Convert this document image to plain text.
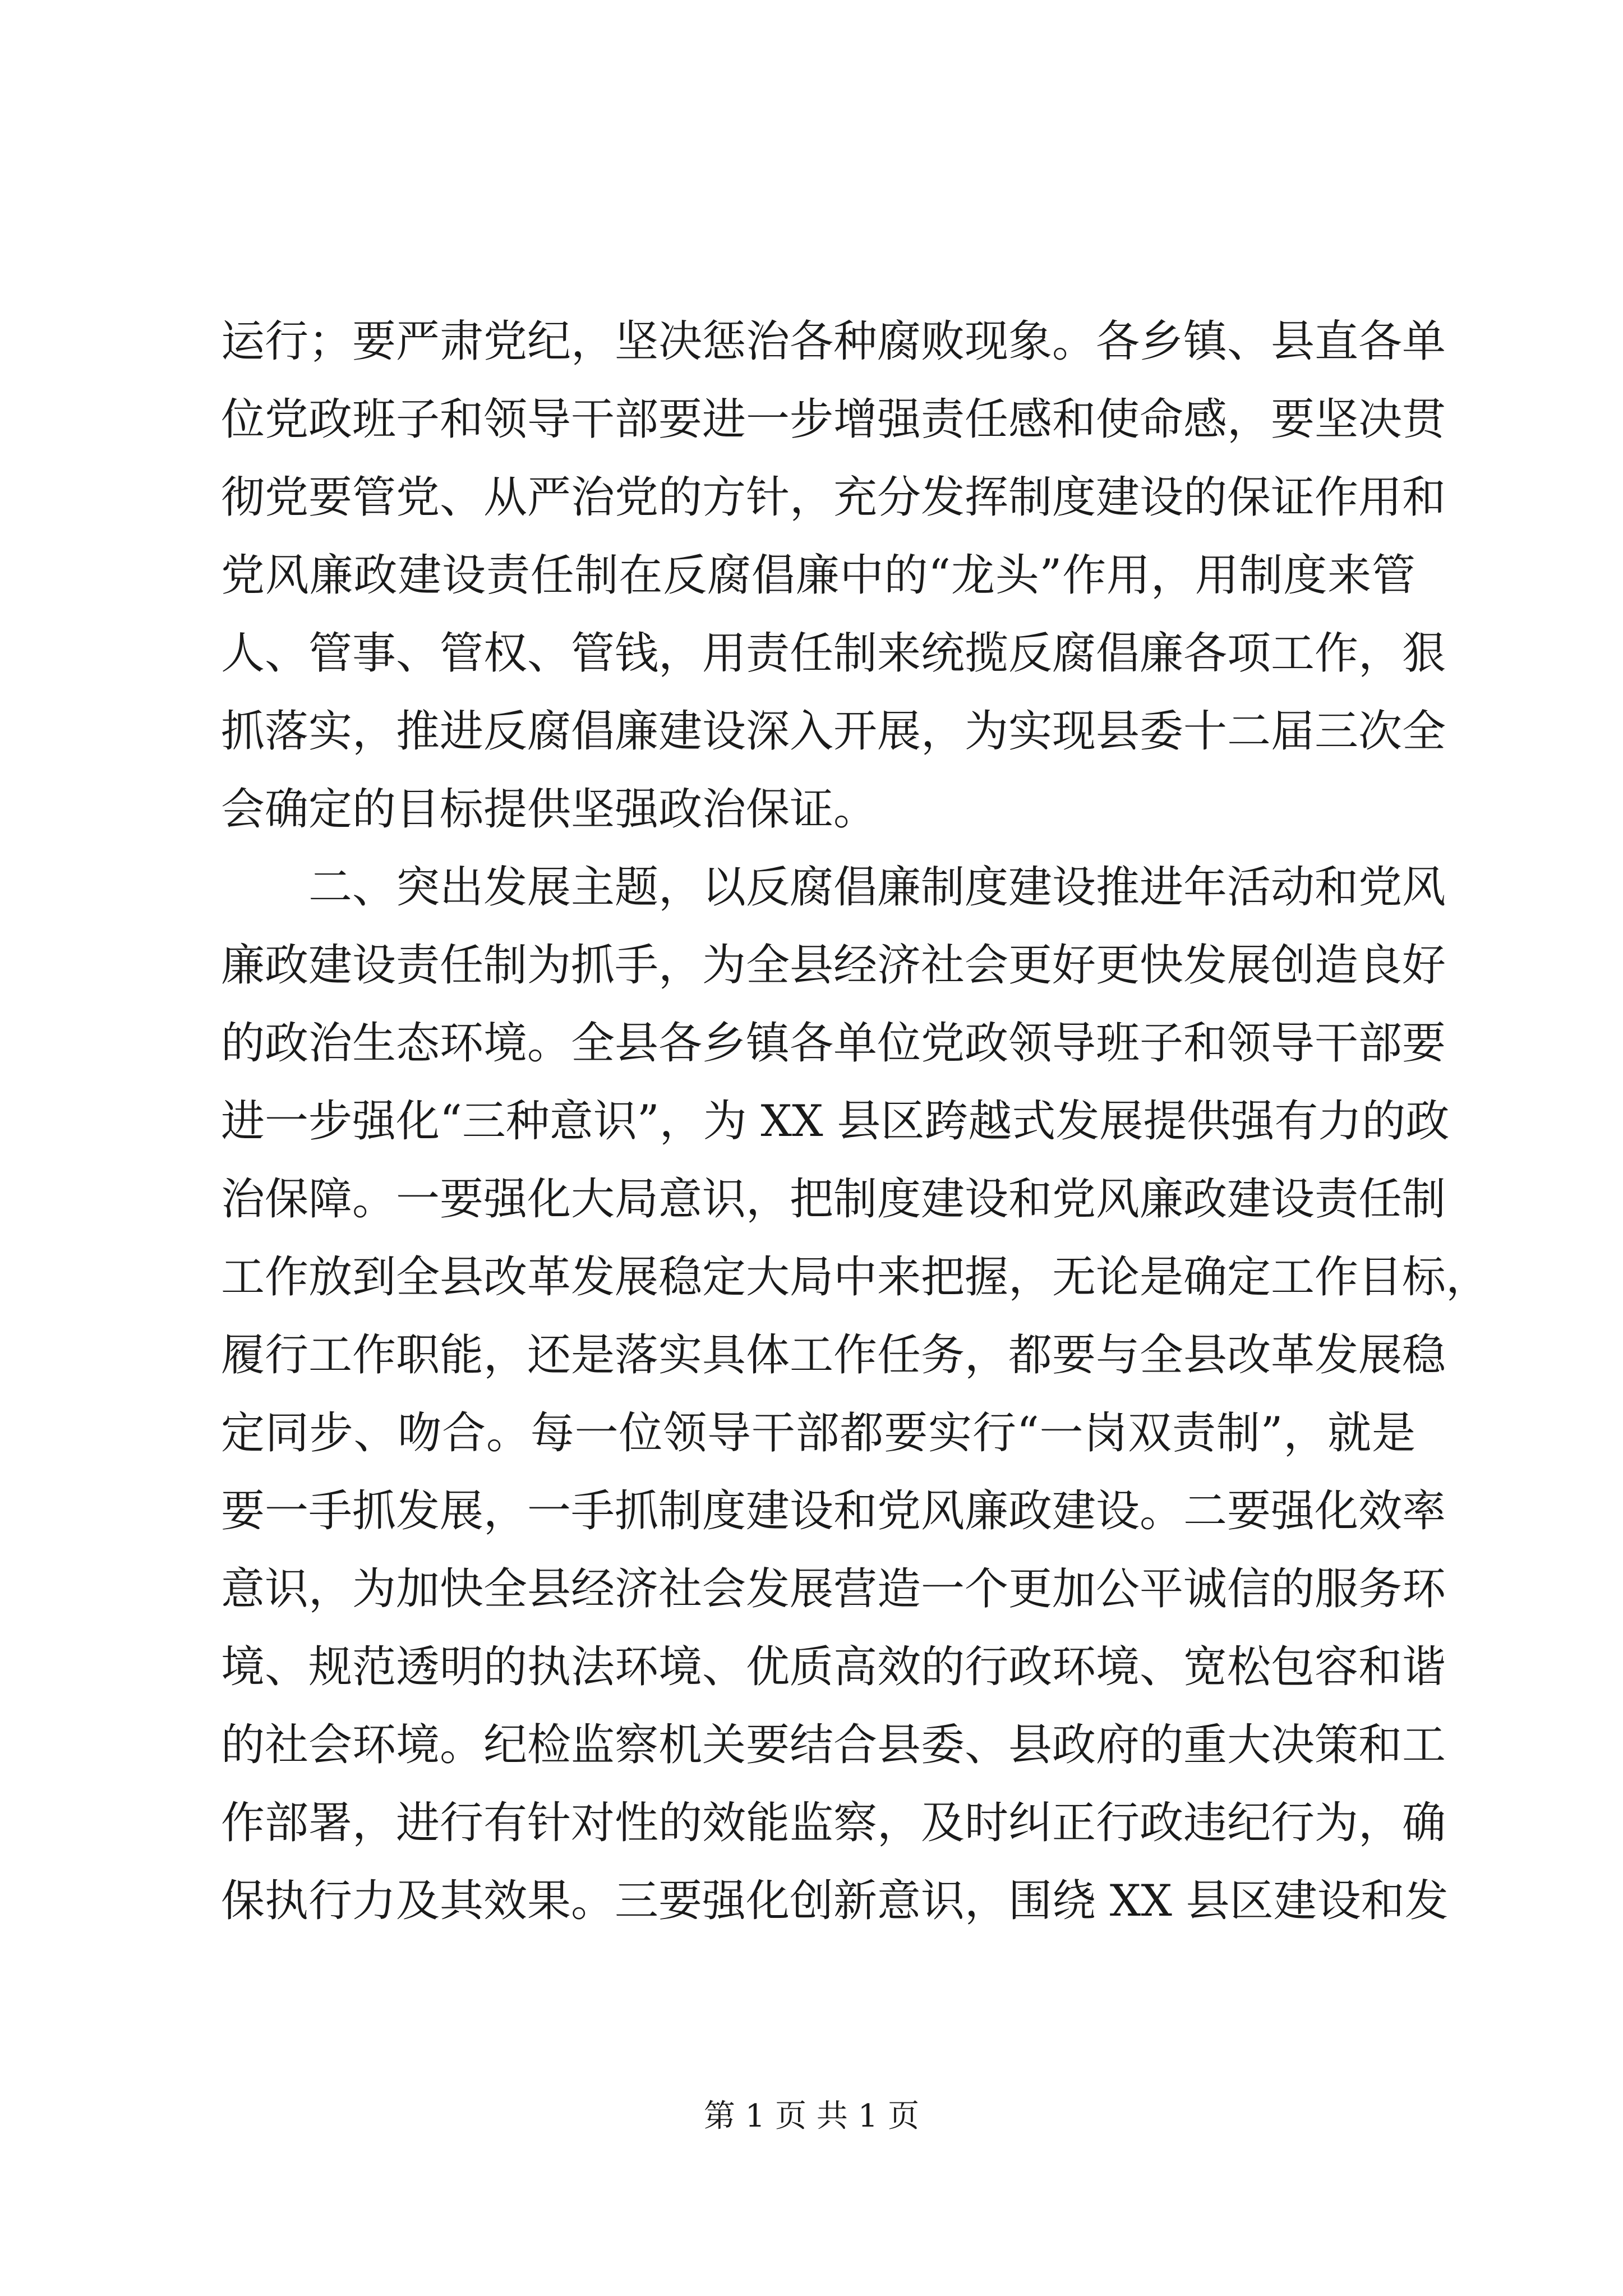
运行；要严肃党纪，坚决惩治各种腐败现象。各乡镇、县直各单
位党政班子和领导干部要进一步增强责任感和使命感，要坚决贯
彻党要管党、从严治党的方针，充分发挥制度建设的保证作用和
党风廉政建设责任制在反腐倡廉中的“龙头”作用，用制度来管
人、管事、管权、管钱，用责任制来统揽反腐倡廉各项工作，狠
抓落实，推进反腐倡廉建设深入开展，为实现县委十二届三次全
会确定的目标提供坚强政治保证。
　　二、突出发展主题，以反腐倡廉制度建设推进年活动和党风
廉政建设责任制为抓手，为全县经济社会更好更快发展创造良好
的政治生态环境。全县各乡镇各单位党政领导班子和领导干部要
进一步强化“三种意识”，为 XX 县区跨越式发展提供强有力的政
治保障。一要强化大局意识，把制度建设和党风廉政建设责任制
工作放到全县改革发展稳定大局中来把握，无论是确定工作目标，
履行工作职能，还是落实具体工作任务，都要与全县改革发展稳
定同步、吻合。每一位领导干部都要实行“一岗双责制”，就是
要一手抓发展，一手抓制度建设和党风廉政建设。二要强化效率
意识，为加快全县经济社会发展营造一个更加公平诚信的服务环
境、规范透明的执法环境、优质高效的行政环境、宽松包容和谐
的社会环境。纪检监察机关要结合县委、县政府的重大决策和工
作部署，进行有针对性的效能监察，及时纠正行政违纪行为，确
保执行力及其效果。三要强化创新意识，围绕 XX 县区建设和发
第 1 页 共 1 页
